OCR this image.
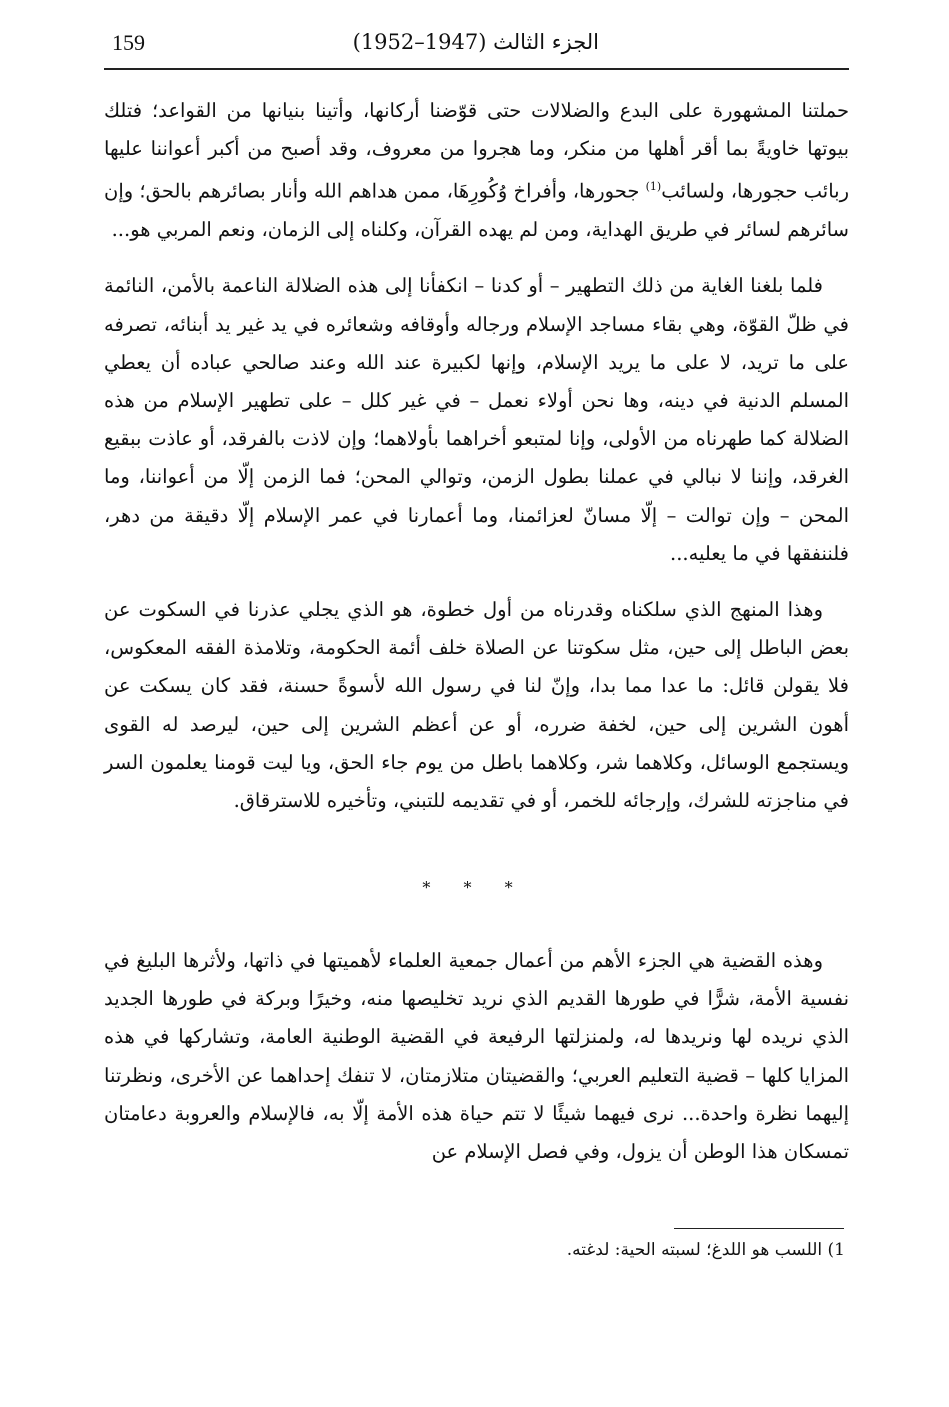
159	الجزء الثالث (1947–1952)

حملتنا المشهورة على البدع والضلالات حتى قوّضنا أركانها، وأتينا بنيانها من القواعد؛ فتلك بيوتها خاويةً بما أقر أهلها من منكر، وما هجروا من معروف، وقد أصبح من أكبر أعواننا عليها ربائب حجورها، ولسائب$^{(1)}$ جحورها، وأفراخ وُكُورِهَا، ممن هداهم الله وأنار بصائرهم بالحق؛ وإن سائرهم لسائر في طريق الهداية، ومن لم يهده القرآن، وكلناه إلى الزمان، ونعم المربي هو...

فلما بلغنا الغاية من ذلك التطهير – أو كدنا – انكفأنا إلى هذه الضلالة الناعمة بالأمن، النائمة في ظلّ القوّة، وهي بقاء مساجد الإسلام ورجاله وأوقافه وشعائره في يد غير يد أبنائه، تصرفه على ما تريد، لا على ما يريد الإسلام، وإنها لكبيرة عند الله وعند صالحي عباده أن يعطي المسلم الدنية في دينه، وها نحن أولاء نعمل – في غير كلل – على تطهير الإسلام من هذه الضلالة كما طهرناه من الأولى، وإنا لمتبعو أخراهما بأولاهما؛ وإن لاذت بالفرقد، أو عاذت ببقيع الغرقد، وإننا لا نبالي في عملنا بطول الزمن، وتوالي المحن؛ فما الزمن إلّا من أعواننا، وما المحن – وإن توالت – إلّا مسانّ لعزائمنا، وما أعمارنا في عمر الإسلام إلّا دقيقة من دهر، فلننفقها في ما يعليه...

وهذا المنهج الذي سلكناه وقدرناه من أول خطوة، هو الذي يجلي عذرنا في السكوت عن بعض الباطل إلى حين، مثل سكوتنا عن الصلاة خلف أئمة الحكومة، وتلامذة الفقه المعكوس، فلا يقولن قائل: ما عدا مما بدا، وإنّ لنا في رسول الله لأسوةً حسنة، فقد كان يسكت عن أهون الشرين إلى حين، لخفة ضرره، أو عن أعظم الشرين إلى حين، ليرصد له القوى ويستجمع الوسائل، وكلاهما شر، وكلاهما باطل من يوم جاء الحق، ويا ليت قومنا يعلمون السر في مناجزته للشرك، وإرجائه للخمر، أو في تقديمه للتبني، وتأخيره للاسترقاق.

* * *

وهذه القضية هي الجزء الأهم من أعمال جمعية العلماء لأهميتها في ذاتها، ولأثرها البليغ في نفسية الأمة، شرًّا في طورها القديم الذي نريد تخليصها منه، وخيرًا وبركة في طورها الجديد الذي نريده لها ونريدها له، ولمنزلتها الرفيعة في القضية الوطنية العامة، وتشاركها في هذه المزايا كلها – قضية التعليم العربي؛ والقضيتان متلازمتان، لا تنفك إحداهما عن الأخرى، ونظرتنا إليهما نظرة واحدة... نرى فيهما شيئًا لا تتم حياة هذه الأمة إلّا به، فالإسلام والعروبة دعامتان تمسكان هذا الوطن أن يزول، وفي فصل الإسلام عن

1) اللسب هو اللدغ؛ لسبته الحية: لدغته.
